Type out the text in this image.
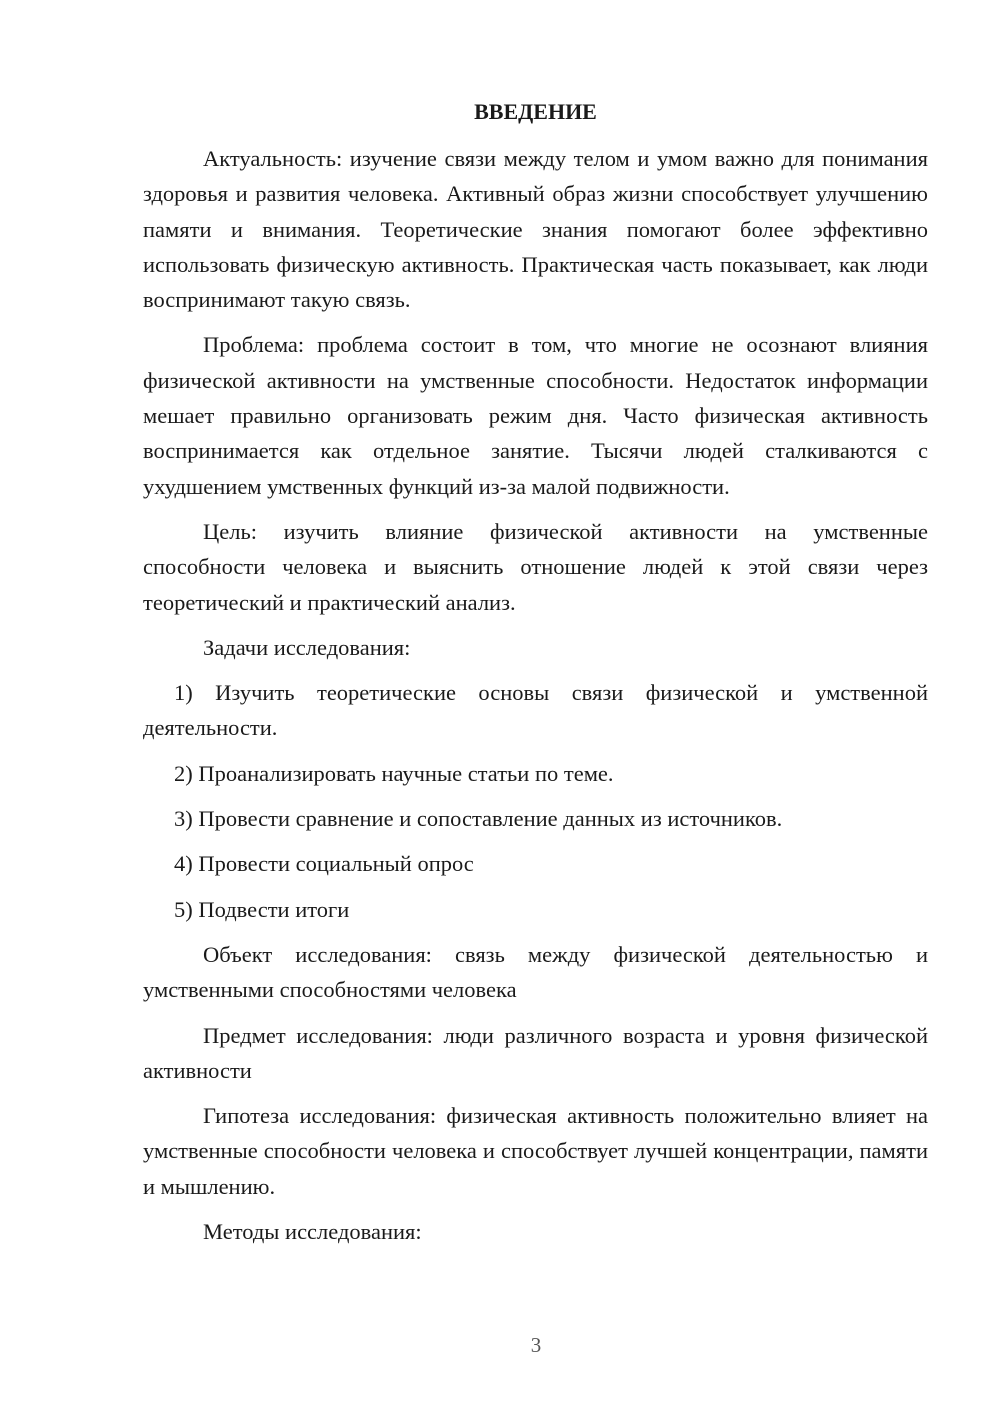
ВВЕДЕНИЕ

Актуальность: изучение связи между телом и умом важно для понимания здоровья и развития человека. Активный образ жизни способствует улучшению памяти и внимания. Теоретические знания помогают более эффективно использовать физическую активность. Практическая часть показывает, как люди воспринимают такую связь.

Проблема: проблема состоит в том, что многие не осознают влияния физической активности на умственные способности. Недостаток информации мешает правильно организовать режим дня. Часто физическая активность воспринимается как отдельное занятие. Тысячи людей сталкиваются с ухудшением умственных функций из-за малой подвижности.

Цель: изучить влияние физической активности на умственные способности человека и выяснить отношение людей к этой связи через теоретический и практический анализ.

Задачи исследования:

1) Изучить теоретические основы связи физической и умственной деятельности.

2) Проанализировать научные статьи по теме.

3) Провести сравнение и сопоставление данных из источников.

4) Провести социальный опрос

5) Подвести итоги

Объект исследования: связь между физической деятельностью и умственными способностями человека

Предмет исследования: люди различного возраста и уровня физической активности

Гипотеза исследования: физическая активность положительно влияет на умственные способности человека и способствует лучшей концентрации, памяти и мышлению.

Методы исследования:

3
